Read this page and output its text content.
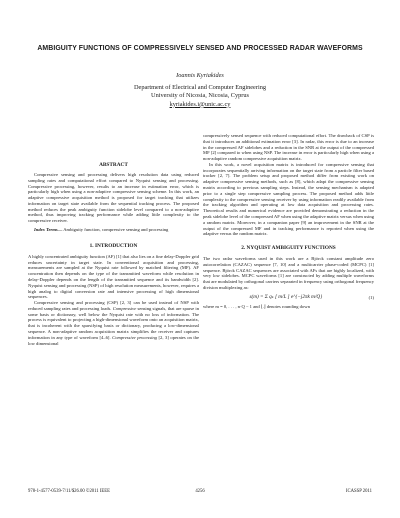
AMBIGUITY FUNCTIONS OF COMPRESSIVELY SENSED AND PROCESSED RADAR WAVEFORMS
Ioannis Kyriakides
Department of Electrical and Computer Engineering
University of Nicosia, Nicosia, Cyprus
kyriakides.i@unic.ac.cy
ABSTRACT

Compressive sensing and processing delivers high resolution data using reduced sampling rates and computational effort compared to Nyquist sensing and processing. Compressive processing, however, results to an increase in estimation error, which is particularly high when using a non-adaptive compressive sensing scheme. In this work, an adaptive compressive acquisition method is proposed for target tracking that utilizes information on target state available from the sequential tracking process. The proposed method reduces the peak ambiguity function sidelobe level compared to a non-adaptive method, thus improving tracking performance while adding little complexity to the compressive receiver.

Index Terms— Ambiguity function, compressive sensing and processing

1. INTRODUCTION

A highly concentrated ambiguity function (AF) [1] that also lies on a fine delay-Doppler grid reduces uncertainty in target state. In conventional acquisition and processing, measurements are sampled at the Nyquist rate followed by matched filtering (MF). AF concentration then depends on the type of the transmitted waveform while resolution in delay-Doppler depends on the length of the transmitted sequence and its bandwidth [2]. Nyquist sensing and processing (NSP) of high resolution measurements, however, requires a high analog to digital conversion rate and intensive processing of high dimensional sequences.

Compressive sensing and processing (CSP) [2, 3] can be used instead of NSP with reduced sampling rates and processing loads. Compressive sensing signals, that are sparse in some basis or dictionary, well below the Nyquist rate with no loss of information. The process is equivalent to projecting a high-dimensional waveform onto an acquisition matrix, that is incoherent with the sparsifying basis or dictionary, producing a low-dimensional sequence. A non-adaptive random acquisition matrix simplifies the receiver and captures information in any type of waveform [4–6]. Compressive processing [2, 3] operates on the low dimensional

compressively sensed sequence with reduced computational effort. The drawback of CSP is that it introduces an additional estimation error [3]. In radar, this error is due to an increase in the compressed AF sidelobes and a reduction in the SNR at the output of the compressed MF [2] compared to when using NSP. The increase in error is particularly high when using a non-adaptive random compressive acquisition matrix.

In this work, a novel acquisition matrix is introduced for compressive sensing that incorporates sequentially arriving information on the target state from a particle filter based tracker [2, 7]. The problem setup and proposed method differ from existing work on adaptive compressive sensing methods, such as [8], which adapt the compressive sensing matrix according to previous sampling steps. Instead, the sensing mechanism is adapted prior to a single step compressive sampling process. The proposed method adds little complexity to the compressive sensing receiver by using information readily available from the tracking algorithm and operating at low data acquisition and processing rates. Theoretical results and numerical evidence are provided demonstrating a reduction in the peak sidelobe level of the compressed AF when using the adaptive matrix versus when using a random matrix. Moreover, in a companion paper [9] an improvement in the SNR at the output of the compressed MF and in tracking performance is reported when using the adaptive versus the random matrix.

2. NYQUIST AMBIGUITY FUNCTIONS

The two radar waveforms used in this work are a Björck constant amplitude zero autocorrelation (CAZAC) sequence [7, 10] and a multicarrier phase-coded (MCPC) [1] sequence. Björck CAZAC sequences are associated with AFs that are highly localized, with very low sidelobes. MCPC waveforms [1] are constructed by adding multiple waveforms that are modulated by orthogonal carriers separated in frequency using orthogonal frequency division multiplexing as:

s(m) = Σ qₖ [ m/L ] e^{−j2πk m/Q}	(1)

where m = 0, . . . , n·Q − 1 and ⌊.⌋ denotes rounding down

978-1-4577-0539-7/11/$26.00 ©2011 IEEE	4256	ICASSP 2011
